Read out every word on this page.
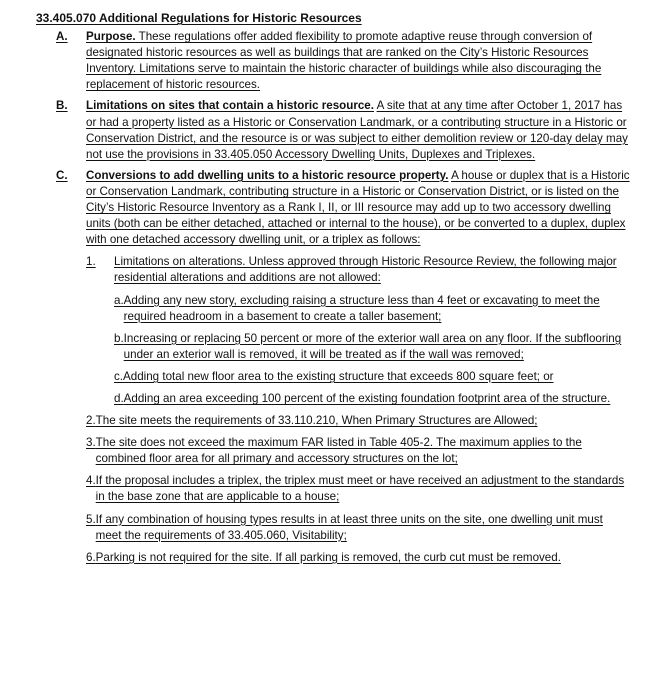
33.405.070 Additional Regulations for Historic Resources
A.	Purpose. These regulations offer added flexibility to promote adaptive reuse through conversion of designated historic resources as well as buildings that are ranked on the City’s Historic Resources Inventory. Limitations serve to maintain the historic character of buildings while also discouraging the replacement of historic resources.
B.	Limitations on sites that contain a historic resource. A site that at any time after October 1, 2017 has or had a property listed as a Historic or Conservation Landmark, or a contributing structure in a Historic or Conservation District, and the resource is or was subject to either demolition review or 120-day delay may not use the provisions in 33.405.050 Accessory Dwelling Units, Duplexes and Triplexes.
C.	Conversions to add dwelling units to a historic resource property. A house or duplex that is a Historic or Conservation Landmark, contributing structure in a Historic or Conservation District, or is listed on the City’s Historic Resource Inventory as a Rank I, II, or III resource may add up to two accessory dwelling units (both can be either detached, attached or internal to the house), or be converted to a duplex, duplex with one detached accessory dwelling unit, or a triplex as follows:
1.	Limitations on alterations. Unless approved through Historic Resource Review, the following major residential alterations and additions are not allowed:
a. Adding any new story, excluding raising a structure less than 4 feet or excavating to meet the required headroom in a basement to create a taller basement;
b. Increasing or replacing 50 percent or more of the exterior wall area on any floor. If the subflooring under an exterior wall is removed, it will be treated as if the wall was removed;
c. Adding total new floor area to the existing structure that exceeds 800 square feet; or
d. Adding an area exceeding 100 percent of the existing foundation footprint area of the structure.
2. The site meets the requirements of 33.110.210, When Primary Structures are Allowed;
3. The site does not exceed the maximum FAR listed in Table 405-2. The maximum applies to the combined floor area for all primary and accessory structures on the lot;
4. If the proposal includes a triplex, the triplex must meet or have received an adjustment to the standards in the base zone that are applicable to a house;
5. If any combination of housing types results in at least three units on the site, one dwelling unit must meet the requirements of 33.405.060, Visitability;
6. Parking is not required for the site. If all parking is removed, the curb cut must be removed.
